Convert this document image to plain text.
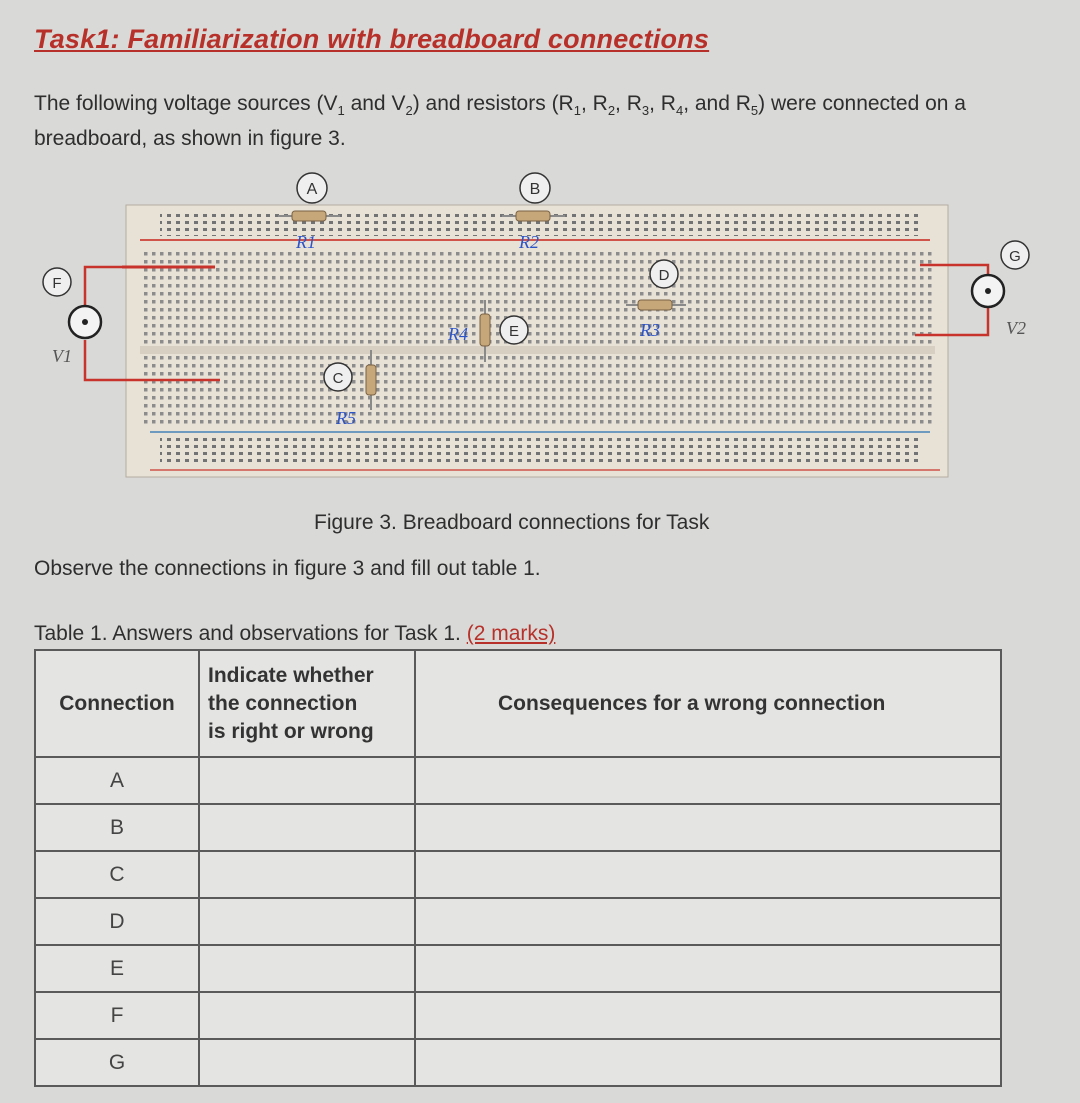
Task1: Familiarization with breadboard connections
The following voltage sources ($V_1$ and $V_2$) and resistors ($R_1$, $R_2$, $R_3$, $R_4$, and $R_5$) were connected on a breadboard, as shown in figure 3.
V1
V2
R1	R2
R3
R4
R5
A	B
C
D
E
F
G
Figure 3. Breadboard connections for Task
Observe the connections in figure 3 and fill out table 1.
Table 1. Answers and observations for Task 1. (2 marks)
Connection	Indicate whether
the connection
is right or wrong	Consequences for a wrong connection
A		
B		
C		
D		
E		
F		
G		
